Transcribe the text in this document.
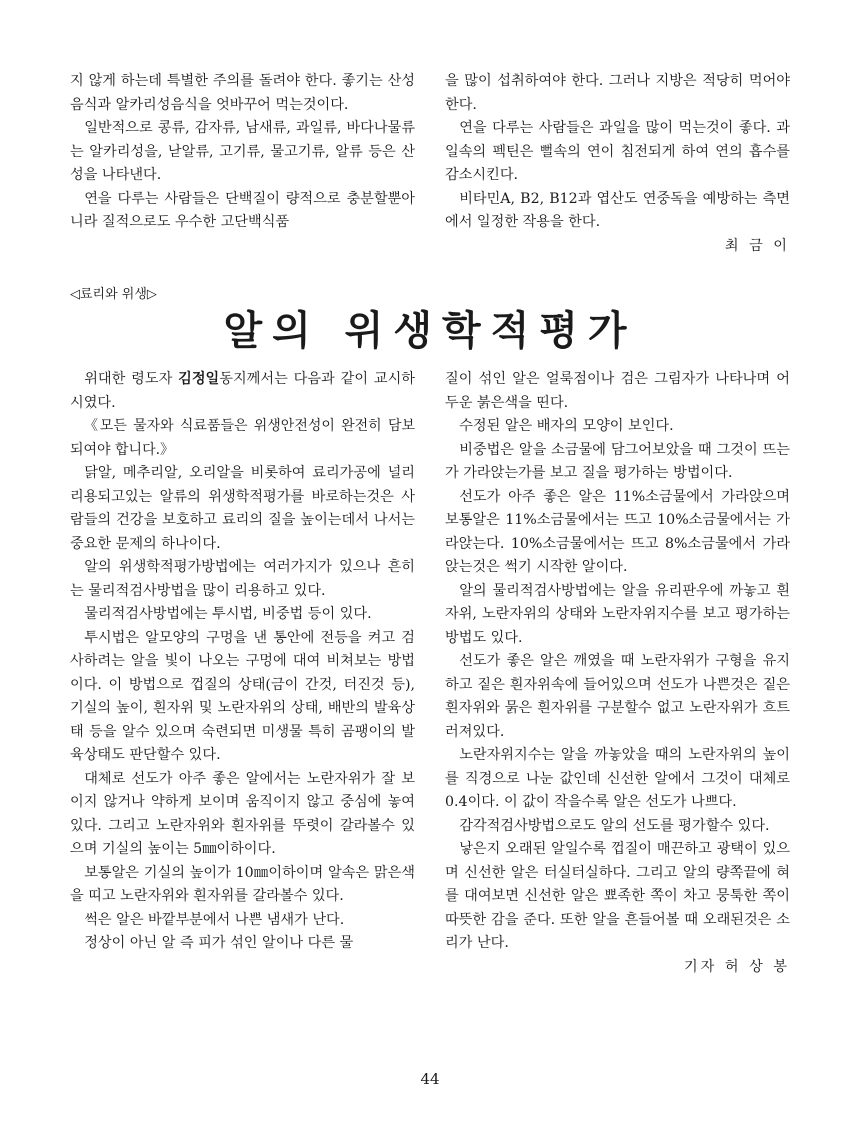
지 않게 하는데 특별한 주의를 돌려야 한다. 좋기는 산성음식과 알카리성음식을 엇바꾸어 먹는것이다.

일반적으로 콩류, 감자류, 남새류, 과일류, 바다나물류는 알카리성을, 낟알류, 고기류, 물고기류, 알류 등은 산성을 나타낸다.

연을 다루는 사람들은 단백질이 량적으로 충분할뿐아니라 질적으로도 우수한 고단백식품

을 많이 섭취하여야 한다. 그러나 지방은 적당히 먹어야 한다.

연을 다루는 사람들은 과일을 많이 먹는것이 좋다. 과일속의 펙틴은 뻘속의 연이 침전되게 하여 연의 흡수를 감소시킨다.

비타민A, B2, B12과 엽산도 연중독을 예방하는 측면에서 일정한 작용을 한다.

최 금 이
◁료리와 위생▷
알의 위생학적평가

위대한 령도자 김정일동지께서는 다음과 같이 교시하시였다.

《모든 물자와 식료품들은 위생안전성이 완전히 담보되여야 합니다.》

닭알, 메추리알, 오리알을 비롯하여 료리가공에 널리 리용되고있는 알류의 위생학적평가를 바로하는것은 사람들의 건강을 보호하고 료리의 질을 높이는데서 나서는 중요한 문제의 하나이다.

알의 위생학적평가방법에는 여러가지가 있으나 흔히는 물리적검사방법을 많이 리용하고 있다.

물리적검사방법에는 투시법, 비중법 등이 있다.

투시법은 알모양의 구멍을 낸 통안에 전등을 켜고 검사하려는 알을 빛이 나오는 구멍에 대여 비쳐보는 방법이다. 이 방법으로 껍질의 상태(금이 간것, 터진것 등), 기실의 높이, 흰자위 및 노란자위의 상태, 배반의 발육상태 등을 알수 있으며 숙련되면 미생물 특히 곰팽이의 발육상태도 판단할수 있다.

대체로 선도가 아주 좋은 알에서는 노란자위가 잘 보이지 않거나 약하게 보이며 움직이지 않고 중심에 놓여있다. 그리고 노란자위와 흰자위를 뚜렷이 갈라볼수 있으며 기실의 높이는 5㎜이하이다.

보통알은 기실의 높이가 10㎜이하이며 알속은 맑은색을 띠고 노란자위와 흰자위를 갈라볼수 있다.

썩은 알은 바깥부분에서 나쁜 냄새가 난다.

정상이 아닌 알 즉 피가 섞인 알이나 다른 물

질이 섞인 알은 얼룩점이나 검은 그림자가 나타나며 어두운 붉은색을 띤다.

수정된 알은 배자의 모양이 보인다.

비중법은 알을 소금물에 담그어보았을 때 그것이 뜨는가 가라앉는가를 보고 질을 평가하는 방법이다.

선도가 아주 좋은 알은 11%소금물에서 가라앉으며 보통알은 11%소금물에서는 뜨고 10%소금물에서는 가라앉는다. 10%소금물에서는 뜨고 8%소금물에서 가라앉는것은 썩기 시작한 알이다.

알의 물리적검사방법에는 알을 유리판우에 까놓고 흰자위, 노란자위의 상태와 노란자위지수를 보고 평가하는 방법도 있다.

선도가 좋은 알은 깨였을 때 노란자위가 구형을 유지하고 짙은 흰자위속에 들어있으며 선도가 나쁜것은 짙은 흰자위와 묽은 흰자위를 구분할수 없고 노란자위가 흐트러져있다.

노란자위지수는 알을 까놓았을 때의 노란자위의 높이를 직경으로 나눈 값인데 신선한 알에서 그것이 대체로 0.4이다. 이 값이 작을수록 알은 선도가 나쁘다.

감각적검사방법으로도 알의 선도를 평가할수 있다.

낳은지 오래된 알일수록 껍질이 매끈하고 광택이 있으며 신선한 알은 터실터실하다. 그리고 알의 량쪽끝에 혀를 대여보면 신선한 알은 뾰족한 쪽이 차고 뭉툭한 쪽이 따뜻한 감을 준다. 또한 알을 흔들어볼 때 오래된것은 소리가 난다.

기자 허 상 봉
44
